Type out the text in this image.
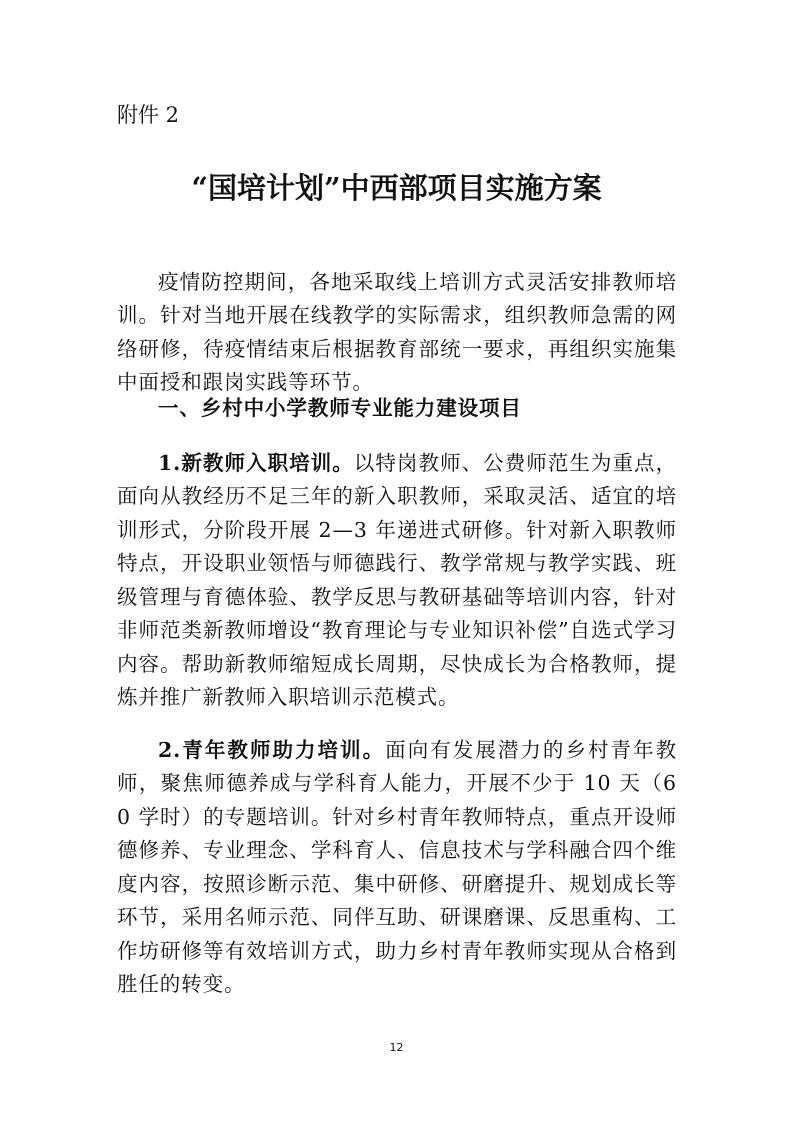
附件 2
“国培计划”中西部项目实施方案

疫情防控期间，各地采取线上培训方式灵活安排教师培训。针对当地开展在线教学的实际需求，组织教师急需的网络研修，待疫情结束后根据教育部统一要求，再组织实施集中面授和跟岗实践等环节。

一、乡村中小学教师专业能力建设项目

1.新教师入职培训。以特岗教师、公费师范生为重点，面向从教经历不足三年的新入职教师，采取灵活、适宜的培训形式，分阶段开展 2—3 年递进式研修。针对新入职教师特点，开设职业领悟与师德践行、教学常规与教学实践、班级管理与育德体验、教学反思与教研基础等培训内容，针对非师范类新教师增设“教育理论与专业知识补偿”自选式学习内容。帮助新教师缩短成长周期，尽快成长为合格教师，提炼并推广新教师入职培训示范模式。

2.青年教师助力培训。面向有发展潜力的乡村青年教师，聚焦师德养成与学科育人能力，开展不少于 10 天（60 学时）的专题培训。针对乡村青年教师特点，重点开设师德修养、专业理念、学科育人、信息技术与学科融合四个维度内容，按照诊断示范、集中研修、研磨提升、规划成长等环节，采用名师示范、同伴互助、研课磨课、反思重构、工作坊研修等有效培训方式，助力乡村青年教师实现从合格到胜任的转变。

12
